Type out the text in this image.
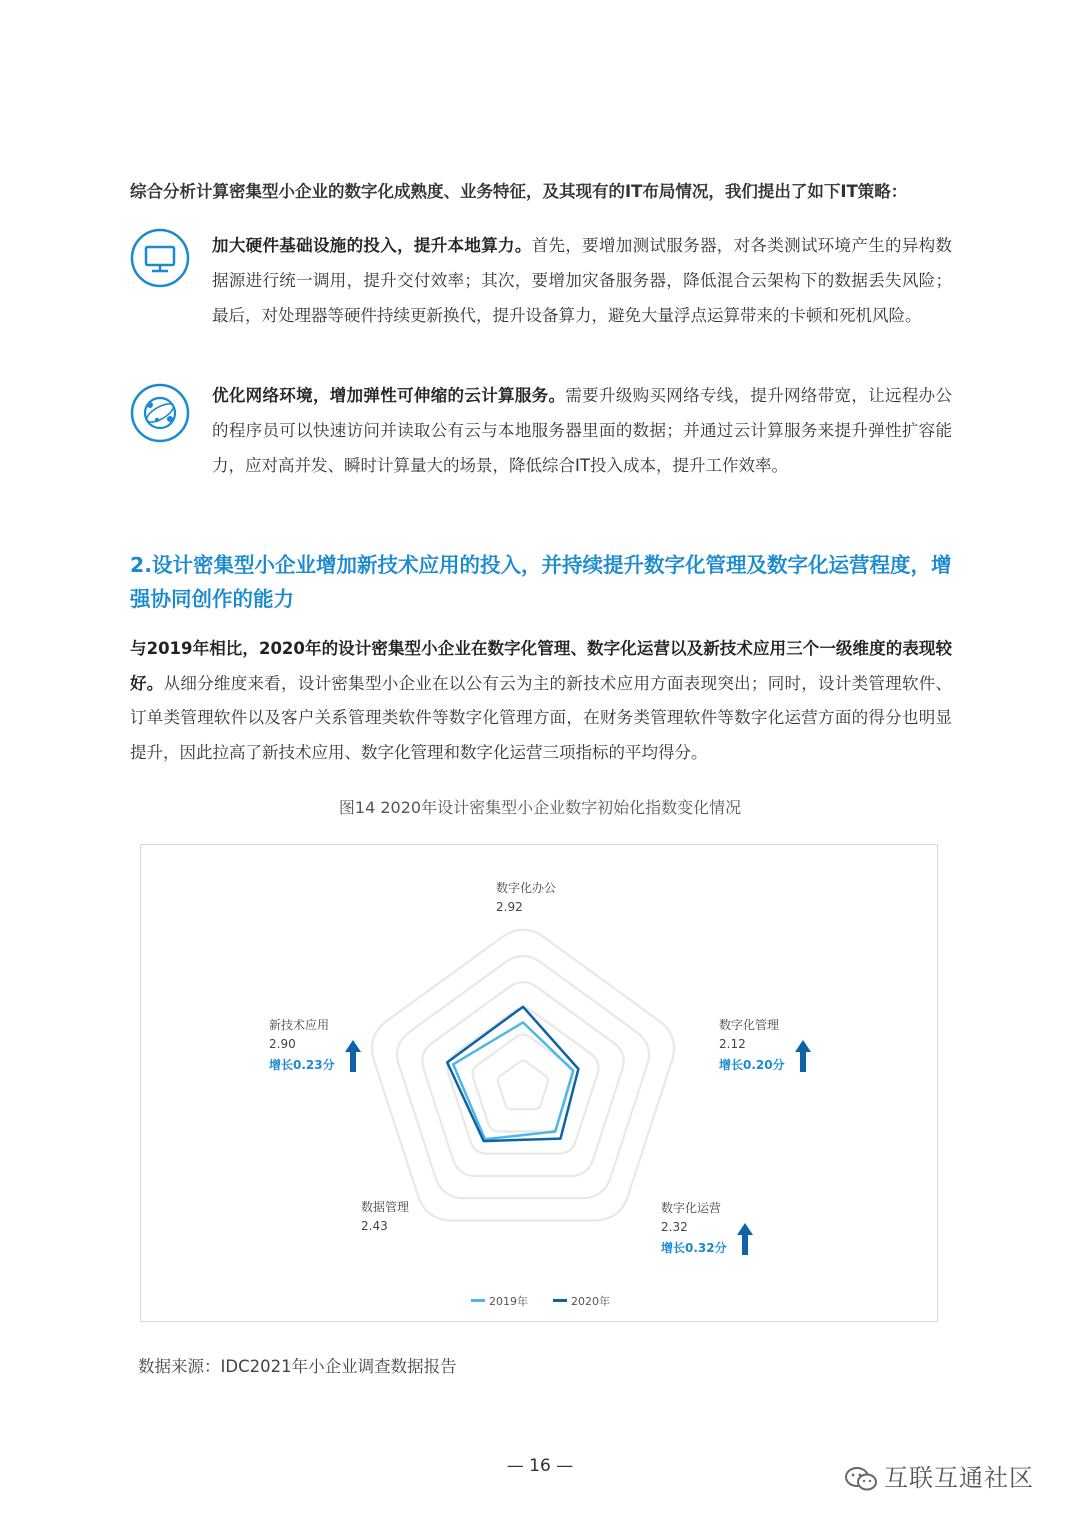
综合分析计算密集型小企业的数字化成熟度、业务特征，及其现有的IT布局情况，我们提出了如下IT策略：
加大硬件基础设施的投入，提升本地算力。首先，要增加测试服务器，对各类测试环境产生的异构数据源进行统一调用，提升交付效率；其次，要增加灾备服务器，降低混合云架构下的数据丢失风险；最后，对处理器等硬件持续更新换代，提升设备算力，避免大量浮点运算带来的卡顿和死机风险。
优化网络环境，增加弹性可伸缩的云计算服务。需要升级购买网络专线，提升网络带宽，让远程办公的程序员可以快速访问并读取公有云与本地服务器里面的数据；并通过云计算服务来提升弹性扩容能力，应对高并发、瞬时计算量大的场景，降低综合IT投入成本，提升工作效率。
2.设计密集型小企业增加新技术应用的投入，并持续提升数字化管理及数字化运营程度，增强协同创作的能力
与2019年相比，2020年的设计密集型小企业在数字化管理、数字化运营以及新技术应用三个一级维度的表现较好。从细分维度来看，设计密集型小企业在以公有云为主的新技术应用方面表现突出；同时，设计类管理软件、订单类管理软件以及客户关系管理类软件等数字化管理方面，在财务类管理软件等数字化运营方面的得分也明显提升，因此拉高了新技术应用、数字化管理和数字化运营三项指标的平均得分。
图14 2020年设计密集型小企业数字初始化指数变化情况
数字化办公
2.92
数字化管理
2.12
增长0.20分
数字化运营
2.32
增长0.32分
数据管理
2.43
新技术应用
2.90
增长0.23分
2019年	2020年
数据来源：IDC2021年小企业调查数据报告
— 16 —	互联互通社区
